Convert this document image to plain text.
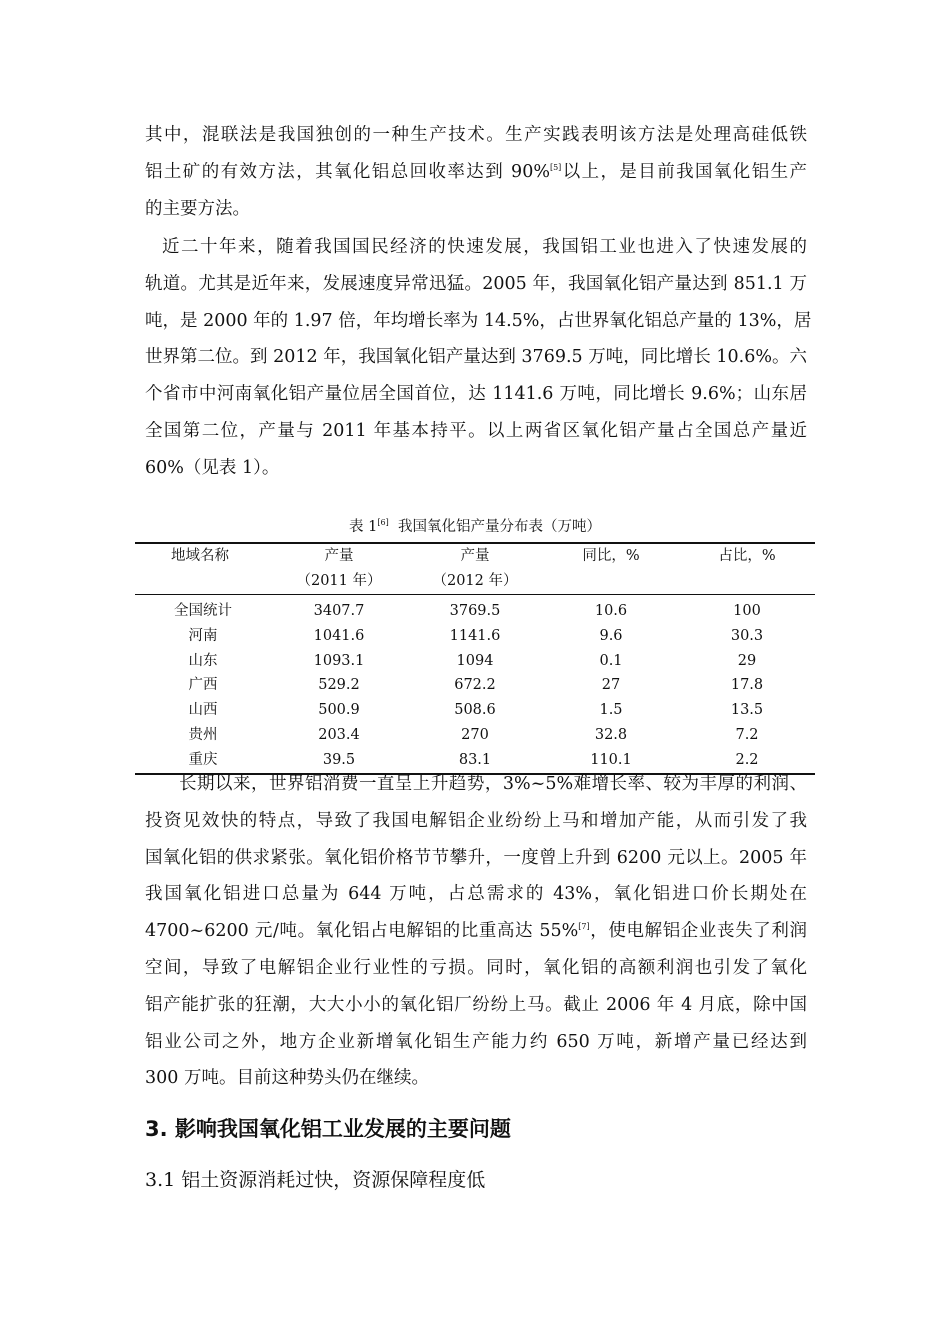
其中，混联法是我国独创的一种生产技术。生产实践表明该方法是处理高硅低铁
铝土矿的有效方法，其氧化铝总回收率达到 90%[5]以上，是目前我国氧化铝生产
的主要方法。
近二十年来，随着我国国民经济的快速发展，我国铝工业也进入了快速发展的
轨道。尤其是近年来，发展速度异常迅猛。2005 年，我国氧化铝产量达到 851.1 万
吨，是 2000 年的 1.97 倍，年均增长率为 14.5%，占世界氧化铝总产量的 13%，居
世界第二位。到 2012 年，我国氧化铝产量达到 3769.5 万吨，同比增长 10.6%。六
个省市中河南氧化铝产量位居全国首位，达 1141.6 万吨，同比增长 9.6%；山东居
全国第二位，产量与 2011 年基本持平。以上两省区氧化铝产量占全国总产量近
60%（见表 1）。
表 1[6]  我国氧化铝产量分布表（万吨）
地域名称	产量	产量	同比，%	占比，%
	（2011 年）	（2012 年）		
全国统计	3407.7	3769.5	10.6	100
河南	1041.6	1141.6	9.6	30.3
山东	1093.1	1094	0.1	29
广西	529.2	672.2	27	17.8
山西	500.9	508.6	1.5	13.5
贵州	203.4	270	32.8	7.2
重庆	39.5	83.1	110.1	2.2
长期以来，世界铝消费一直呈上升趋势，3%~5%难增长率、较为丰厚的利润、
投资见效快的特点，导致了我国电解铝企业纷纷上马和增加产能，从而引发了我
国氧化铝的供求紧张。氧化铝价格节节攀升，一度曾上升到 6200 元以上。2005 年
我国氧化铝进口总量为 644 万吨，占总需求的 43%，氧化铝进口价长期处在
4700~6200 元/吨。氧化铝占电解铝的比重高达 55%[7]，使电解铝企业丧失了利润
空间，导致了电解铝企业行业性的亏损。同时，氧化铝的高额利润也引发了氧化
铝产能扩张的狂潮，大大小小的氧化铝厂纷纷上马。截止 2006 年 4 月底，除中国
铝业公司之外，地方企业新增氧化铝生产能力约 650 万吨，新增产量已经达到
300 万吨。目前这种势头仍在继续。
3. 影响我国氧化铝工业发展的主要问题
3.1 铝土资源消耗过快，资源保障程度低
